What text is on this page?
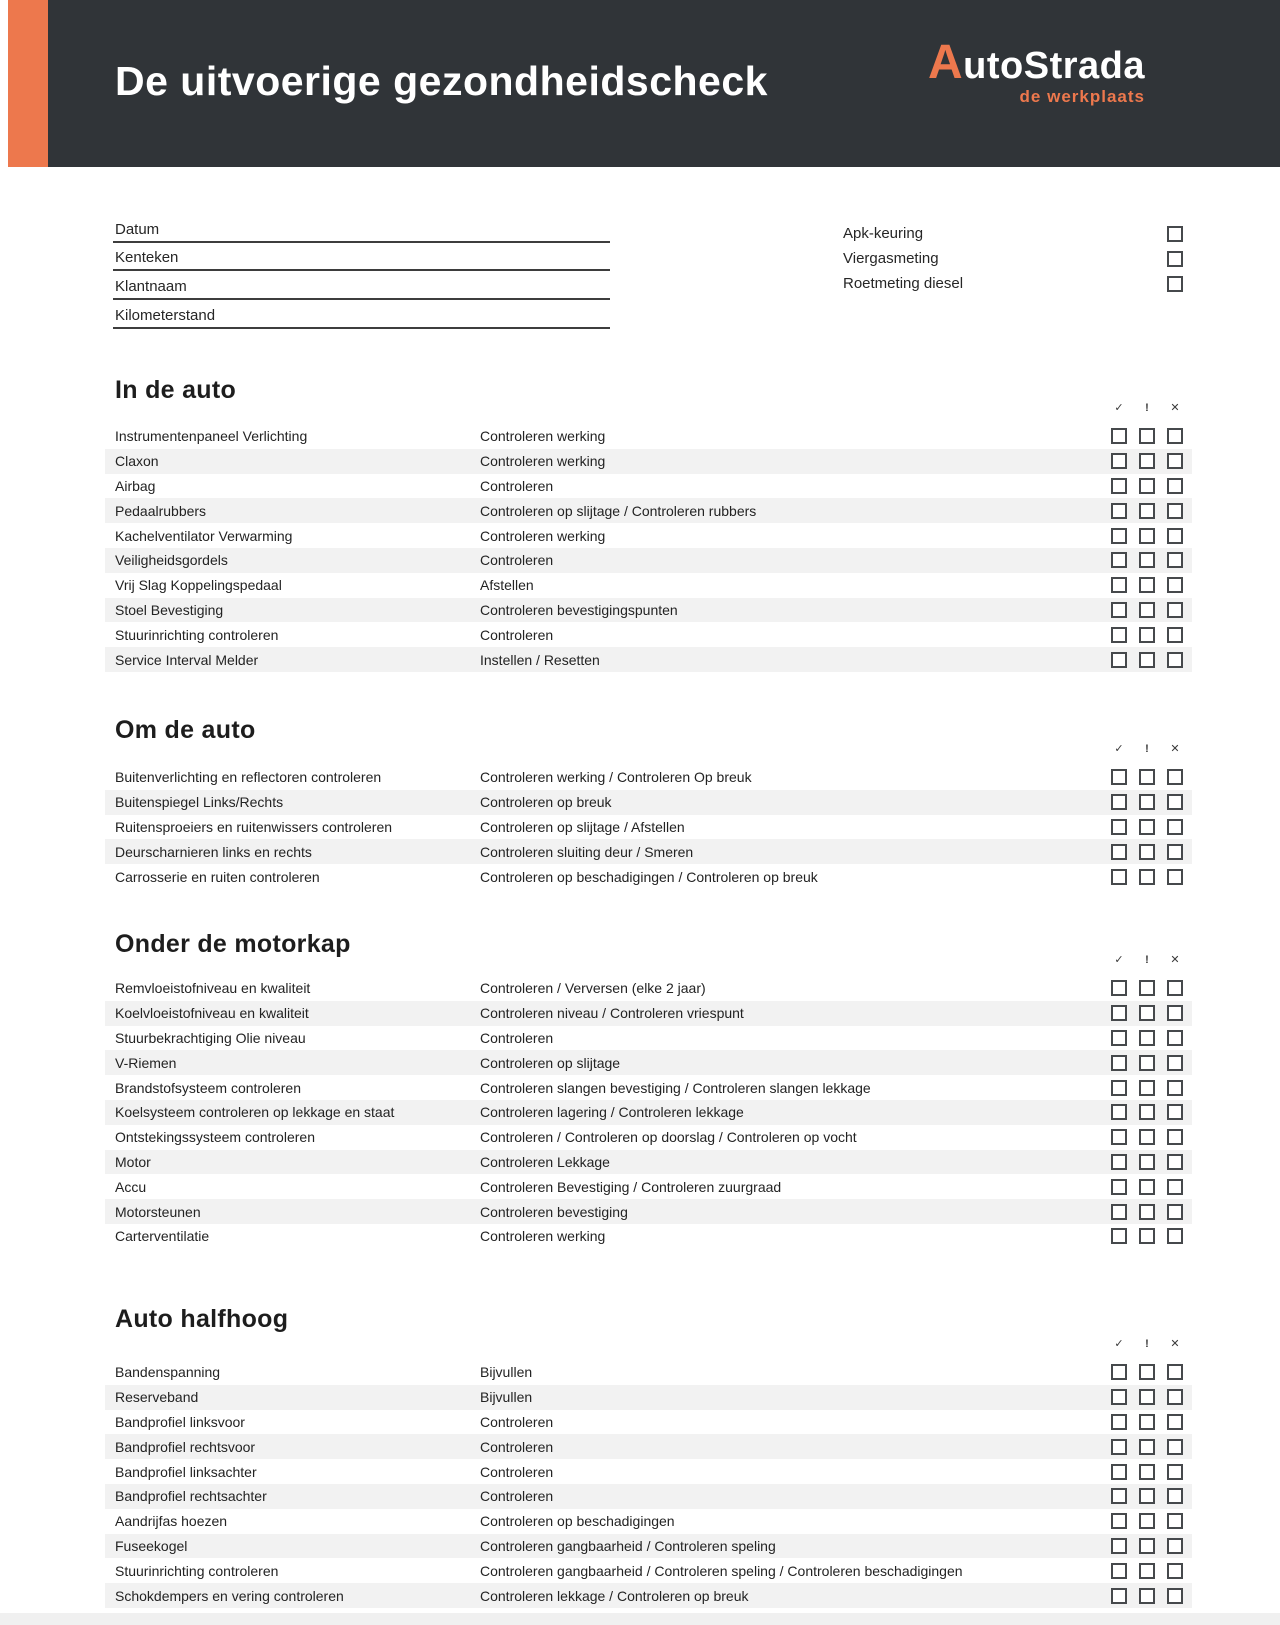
De uitvoerige gezondheidscheck	A utoStrada
de werkplaats
Datum
Kenteken
Klantnaam
Kilometerstand
Apk-keuring
Viergasmeting
Roetmeting diesel
In de auto
✓	!	✕
Instrumentenpaneel Verlichting	Controleren werking
Claxon	Controleren werking
Airbag	Controleren
Pedaalrubbers	Controleren op slijtage / Controleren rubbers
Kachelventilator Verwarming	Controleren werking
Veiligheidsgordels	Controleren
Vrij Slag Koppelingspedaal	Afstellen
Stoel Bevestiging	Controleren bevestigingspunten
Stuurinrichting controleren	Controleren
Service Interval Melder	Instellen / Resetten
Om de auto
✓	!	✕
Buitenverlichting en reflectoren controleren	Controleren werking / Controleren Op breuk
Buitenspiegel Links/Rechts	Controleren op breuk
Ruitensproeiers en ruitenwissers controleren	Controleren op slijtage / Afstellen
Deurscharnieren links en rechts	Controleren sluiting deur / Smeren
Carrosserie en ruiten controleren	Controleren op beschadigingen / Controleren op breuk
Onder de motorkap
✓	!	✕
Remvloeistofniveau en kwaliteit	Controleren / Verversen (elke 2 jaar)
Koelvloeistofniveau en kwaliteit	Controleren niveau / Controleren vriespunt
Stuurbekrachtiging Olie niveau	Controleren
V-Riemen	Controleren op slijtage
Brandstofsysteem controleren	Controleren slangen bevestiging / Controleren slangen lekkage
Koelsysteem controleren op lekkage en staat	Controleren lagering / Controleren lekkage
Ontstekingssysteem controleren	Controleren / Controleren op doorslag / Controleren op vocht
Motor	Controleren Lekkage
Accu	Controleren Bevestiging / Controleren zuurgraad
Motorsteunen	Controleren bevestiging
Carterventilatie	Controleren werking
Auto halfhoog
✓	!	✕
Bandenspanning	Bijvullen
Reserveband	Bijvullen
Bandprofiel linksvoor	Controleren
Bandprofiel rechtsvoor	Controleren
Bandprofiel linksachter	Controleren
Bandprofiel rechtsachter	Controleren
Aandrijfas hoezen	Controleren op beschadigingen
Fuseekogel	Controleren gangbaarheid / Controleren speling
Stuurinrichting controleren	Controleren gangbaarheid / Controleren speling / Controleren beschadigingen
Schokdempers en vering controleren	Controleren lekkage / Controleren op breuk
